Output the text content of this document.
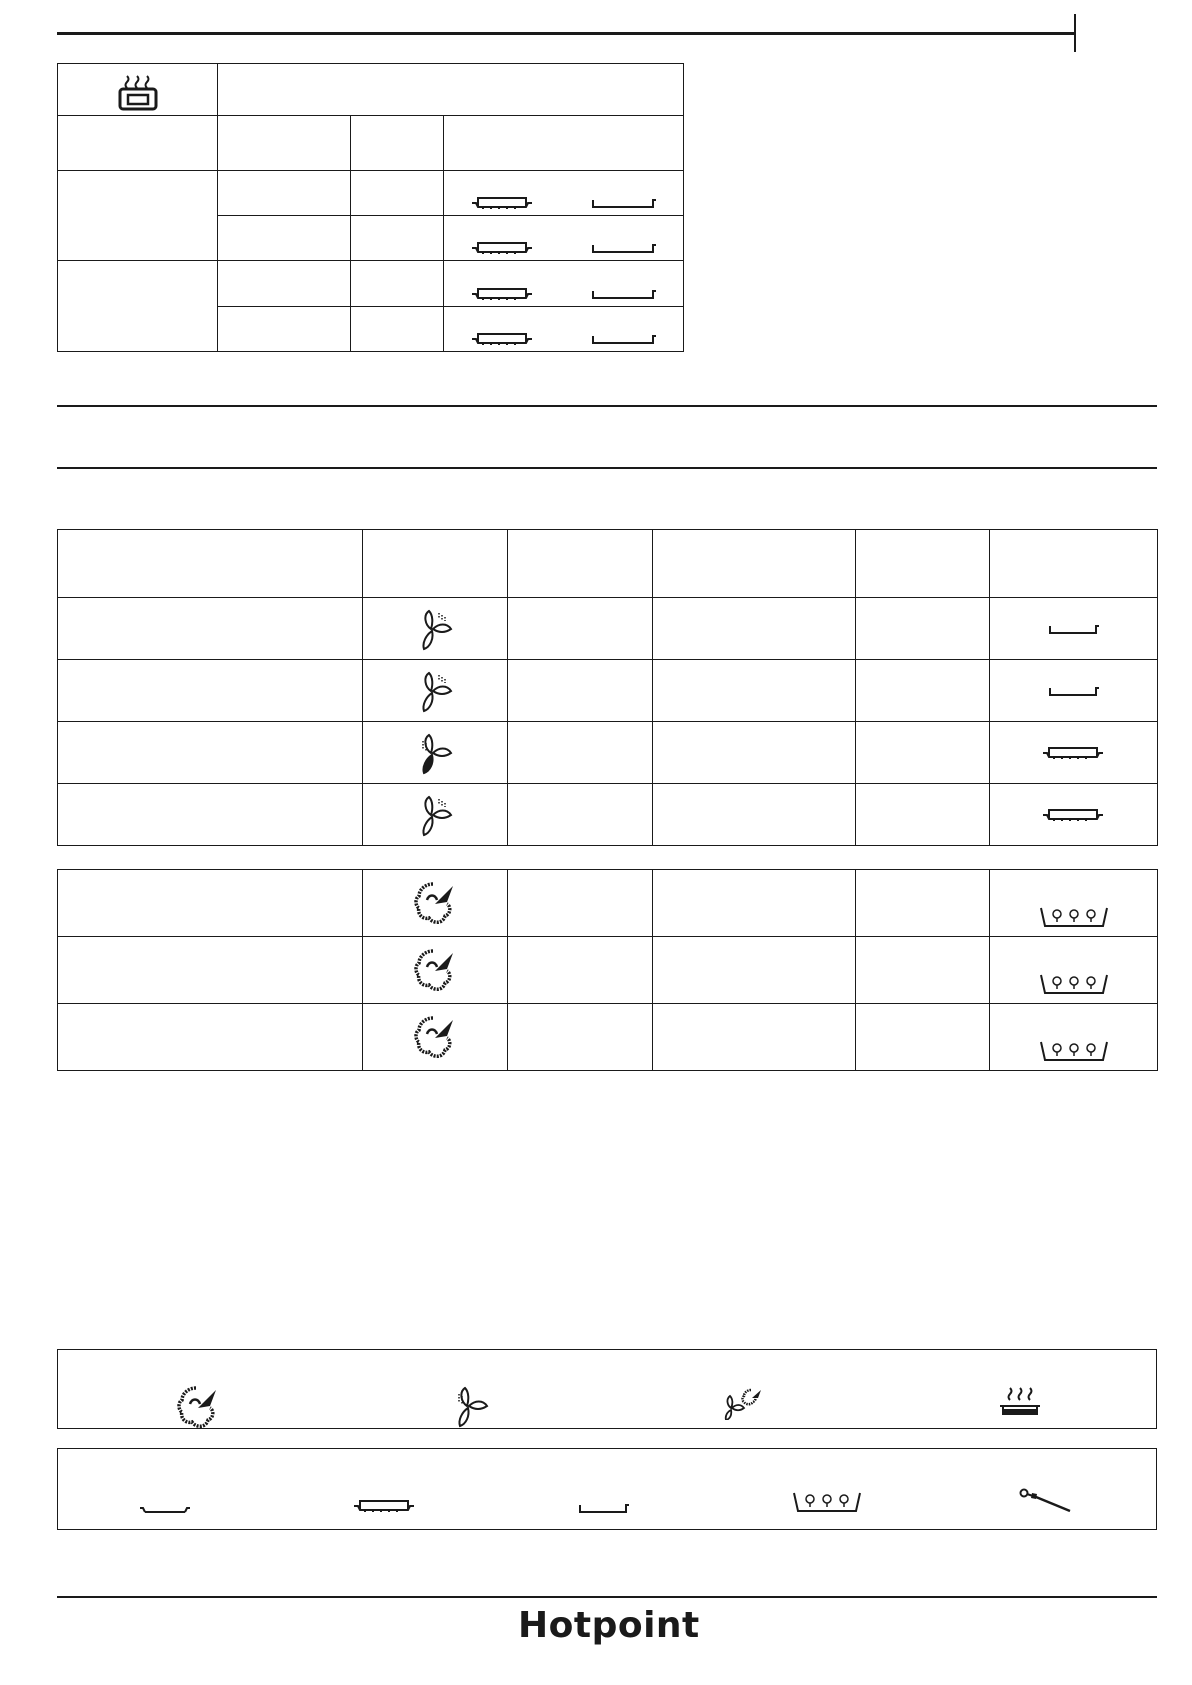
Hotpoint
